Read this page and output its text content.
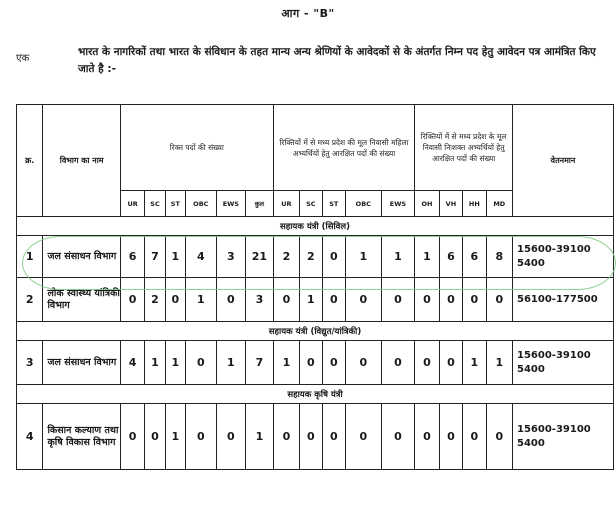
आग - "B"
एक
भारत के नागरिकों तथा भारत के संविधान के तहत मान्य अन्य श्रेणियों के आवेदकों से के अंतर्गत निम्न पद हेतु आवेदन पत्र आमंत्रित किए जाते है :-
क्र.	विभाग का नाम	रिक्त पदों की संख्या						रिक्तियों में से मध्य प्रदेश की मूल निवासी महिला अभ्यर्थियों हेतु आरक्षित पदों की संख्या					रिक्तियों में से मध्य प्रदेश के मूल निवासी निःशक्त अभ्यर्थियों हेतु आरक्षित पदों की संख्या				वेतनमान
		UR	SC	ST	OBC	EWS	कुल	UR	SC	ST	OBC	EWS	OH	VH	HH	MD	
सहायक यंत्री (सिविल)																	
1	जल संसाधन विभाग	6	7	1	4	3	21	2	2	0	1	1	1	6	6	8	15600-39100 5400
2	लोक स्वास्थ्य यांत्रिकी विभाग	0	2	0	1	0	3	0	1	0	0	0	0	0	0	0	56100-177500
सहायक यंत्री (विद्युत/यांत्रिकी)																	
3	जल संसाधन विभाग	4	1	1	0	1	7	1	0	0	0	0	0	0	1	1	15600-39100 5400
सहायक कृषि यंत्री																	
4	किसान कल्याण तथा कृषि विकास विभाग	0	0	1	0	0	1	0	0	0	0	0	0	0	0	0	15600-39100 5400
